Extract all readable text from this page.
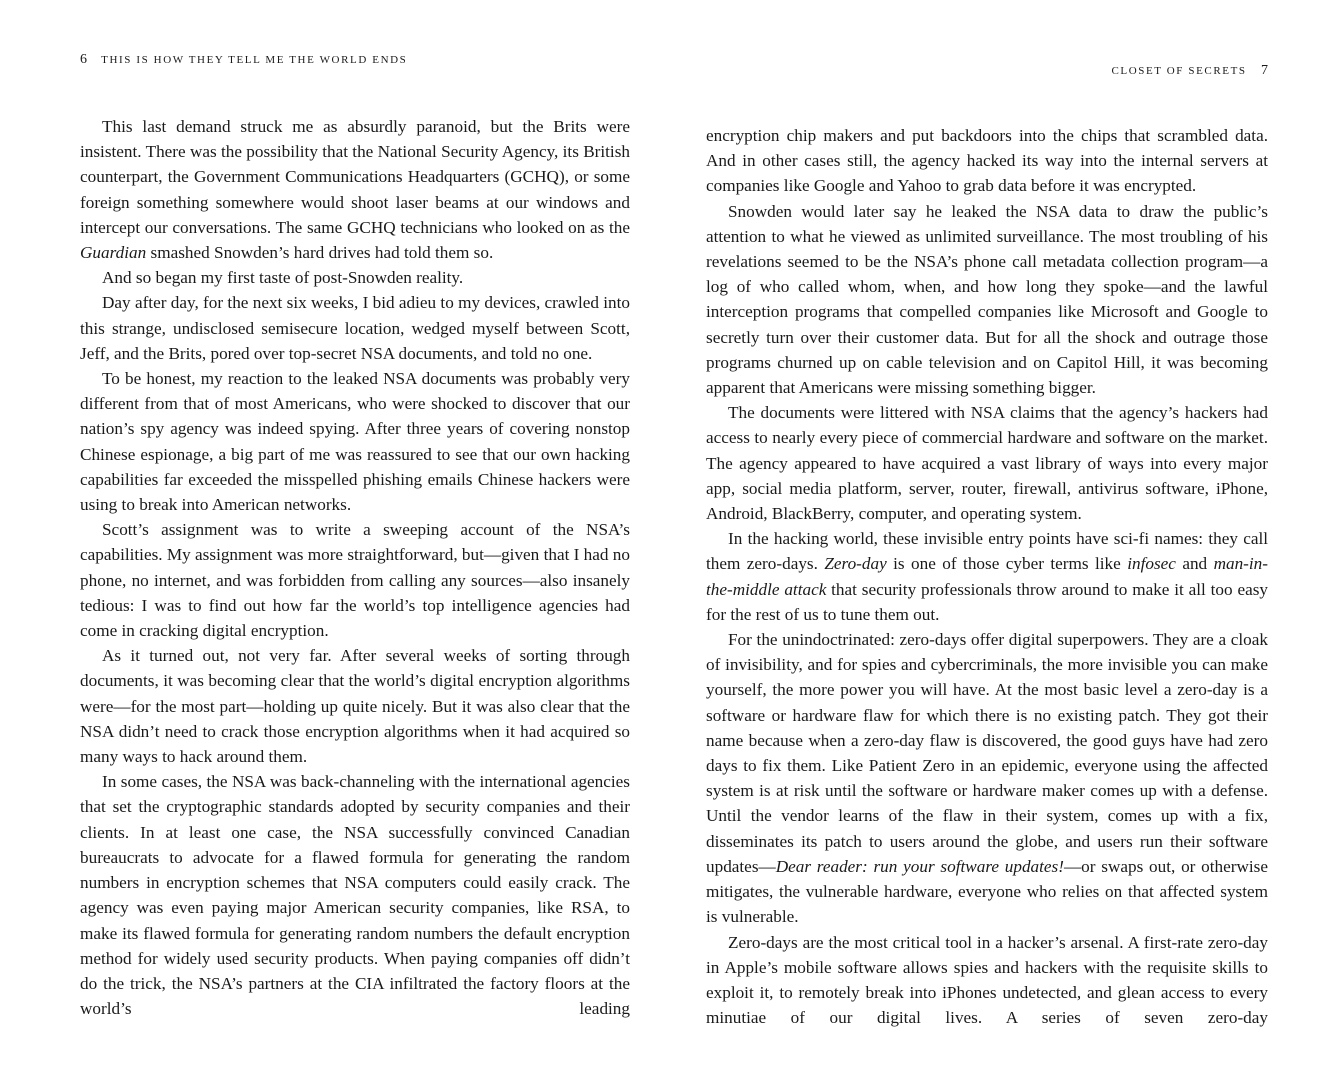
6 THIS IS HOW THEY TELL ME THE WORLD ENDS

This last demand struck me as absurdly paranoid, but the Brits were insistent. There was the possibility that the National Security Agency, its British counterpart, the Government Communications Headquarters (GCHQ), or some foreign something somewhere would shoot laser beams at our windows and intercept our conversations. The same GCHQ technicians who looked on as the Guardian smashed Snowden’s hard drives had told them so.

And so began my first taste of post-Snowden reality.

Day after day, for the next six weeks, I bid adieu to my devices, crawled into this strange, undisclosed semisecure location, wedged myself between Scott, Jeff, and the Brits, pored over top-secret NSA documents, and told no one.

To be honest, my reaction to the leaked NSA documents was probably very different from that of most Americans, who were shocked to discover that our nation’s spy agency was indeed spying. After three years of covering nonstop Chinese espionage, a big part of me was reassured to see that our own hacking capabilities far exceeded the misspelled phishing emails Chinese hackers were using to break into American networks.

Scott’s assignment was to write a sweeping account of the NSA’s capabilities. My assignment was more straightforward, but—given that I had no phone, no internet, and was forbidden from calling any sources—also insanely tedious: I was to find out how far the world’s top intelligence agencies had come in cracking digital encryption.

As it turned out, not very far. After several weeks of sorting through documents, it was becoming clear that the world’s digital encryption algorithms were—for the most part—holding up quite nicely. But it was also clear that the NSA didn’t need to crack those encryption algorithms when it had acquired so many ways to hack around them.

In some cases, the NSA was back-channeling with the international agencies that set the cryptographic standards adopted by security companies and their clients. In at least one case, the NSA successfully convinced Canadian bureaucrats to advocate for a flawed formula for generating the random numbers in encryption schemes that NSA computers could easily crack. The agency was even paying major American security companies, like RSA, to make its flawed formula for generating random numbers the default encryption method for widely used security products. When paying companies off didn’t do the trick, the NSA’s partners at the CIA infiltrated the factory floors at the world’s leading

CLOSET OF SECRETS 7

encryption chip makers and put backdoors into the chips that scrambled data. And in other cases still, the agency hacked its way into the internal servers at companies like Google and Yahoo to grab data before it was encrypted.

Snowden would later say he leaked the NSA data to draw the public’s attention to what he viewed as unlimited surveillance. The most troubling of his revelations seemed to be the NSA’s phone call metadata collection program—a log of who called whom, when, and how long they spoke—and the lawful interception programs that compelled companies like Microsoft and Google to secretly turn over their customer data. But for all the shock and outrage those programs churned up on cable television and on Capitol Hill, it was becoming apparent that Americans were missing something bigger.

The documents were littered with NSA claims that the agency’s hackers had access to nearly every piece of commercial hardware and software on the market. The agency appeared to have acquired a vast library of ways into every major app, social media platform, server, router, firewall, antivirus software, iPhone, Android, BlackBerry, computer, and operating system.

In the hacking world, these invisible entry points have sci-fi names: they call them zero-days. Zero-day is one of those cyber terms like infosec and man-in-the-middle attack that security professionals throw around to make it all too easy for the rest of us to tune them out.

For the unindoctrinated: zero-days offer digital superpowers. They are a cloak of invisibility, and for spies and cybercriminals, the more invisible you can make yourself, the more power you will have. At the most basic level a zero-day is a software or hardware flaw for which there is no existing patch. They got their name because when a zero-day flaw is discovered, the good guys have had zero days to fix them. Like Patient Zero in an epidemic, everyone using the affected system is at risk until the software or hardware maker comes up with a defense. Until the vendor learns of the flaw in their system, comes up with a fix, disseminates its patch to users around the globe, and users run their software updates—Dear reader: run your software updates!—or swaps out, or otherwise mitigates, the vulnerable hardware, everyone who relies on that affected system is vulnerable.

Zero-days are the most critical tool in a hacker’s arsenal. A first-rate zero-day in Apple’s mobile software allows spies and hackers with the requisite skills to exploit it, to remotely break into iPhones undetected, and glean access to every minutiae of our digital lives. A series of seven zero-day
